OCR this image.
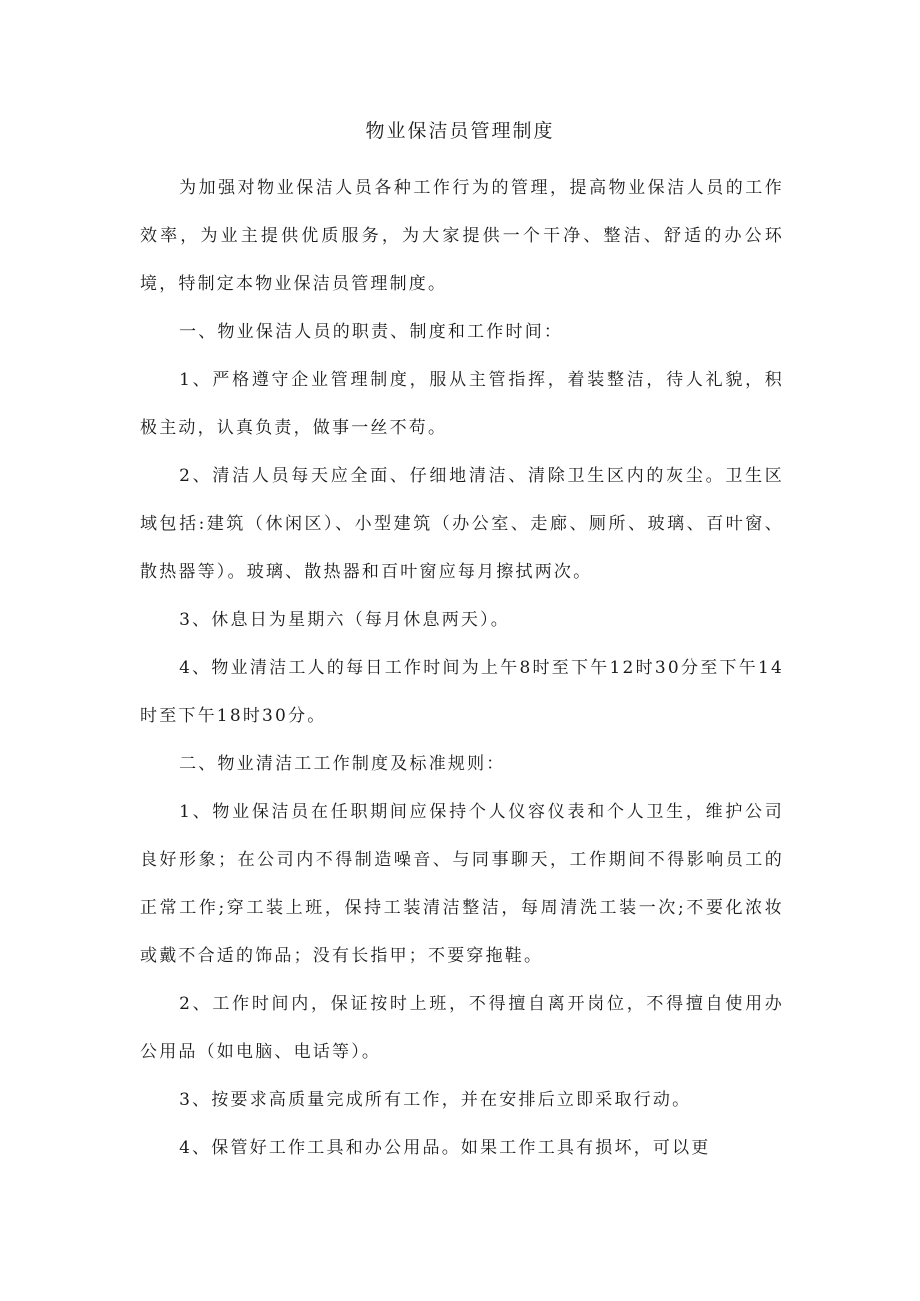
物业保洁员管理制度

为加强对物业保洁人员各种工作行为的管理，提高物业保洁人员的工作效率，为业主提供优质服务，为大家提供一个干净、整洁、舒适的办公环境，特制定本物业保洁员管理制度。

一、物业保洁人员的职责、制度和工作时间：

1、严格遵守企业管理制度，服从主管指挥，着装整洁，待人礼貌，积极主动，认真负责，做事一丝不苟。

2、清洁人员每天应全面、仔细地清洁、清除卫生区内的灰尘。卫生区域包括:建筑（休闲区）、小型建筑（办公室、走廊、厕所、玻璃、百叶窗、散热器等）。玻璃、散热器和百叶窗应每月擦拭两次。

3、休息日为星期六（每月休息两天）。

4、物业清洁工人的每日工作时间为上午8时至下午12时30分至下午14时至下午18时30分。

二、物业清洁工工作制度及标准规则：

1、物业保洁员在任职期间应保持个人仪容仪表和个人卫生，维护公司良好形象；在公司内不得制造噪音、与同事聊天，工作期间不得影响员工的正常工作;穿工装上班，保持工装清洁整洁，每周清洗工装一次;不要化浓妆或戴不合适的饰品；没有长指甲；不要穿拖鞋。

2、工作时间内，保证按时上班，不得擅自离开岗位，不得擅自使用办公用品（如电脑、电话等）。

3、按要求高质量完成所有工作，并在安排后立即采取行动。

4、保管好工作工具和办公用品。如果工作工具有损坏，可以更
